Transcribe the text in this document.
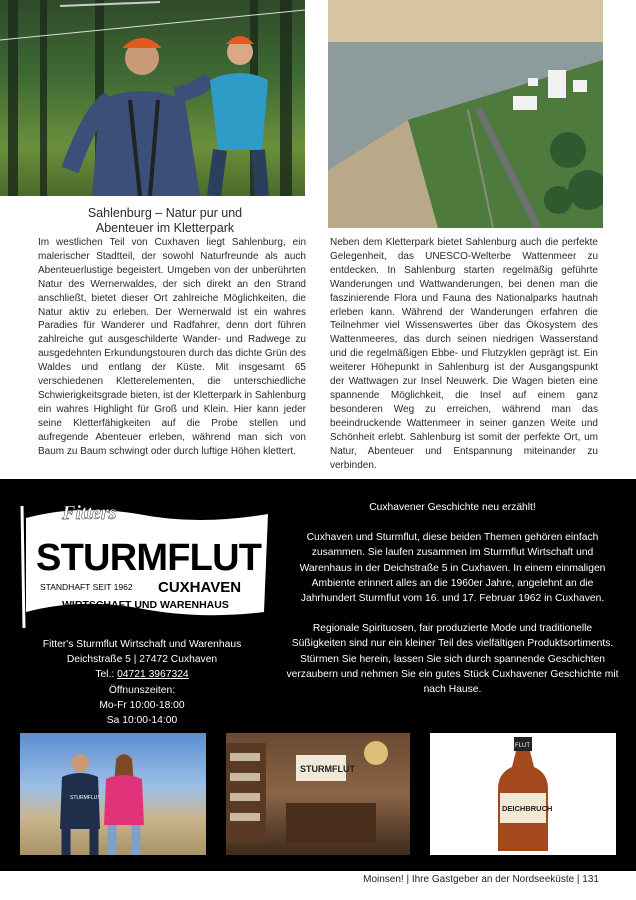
Sahlenburg – Natur pur und
Abenteuer im Kletterpark
Im westlichen Teil von Cuxhaven liegt Sahlenburg, ein malerischer Stadtteil, der sowohl Naturfreunde als auch Abenteuerlustige begeistert. Umgeben von der unberührten Natur des Wernerwaldes, der sich direkt an den Strand anschließt, bietet dieser Ort zahlreiche Möglichkeiten, die Natur aktiv zu erleben. Der Wernerwald ist ein wahres Paradies für Wanderer und Radfahrer, denn dort führen zahlreiche gut ausgeschilderte Wander- und Radwege zu ausgedehnten Erkundungstouren durch das dichte Grün des Waldes und entlang der Küste. Mit insgesamt 65 verschiedenen Kletterelementen, die unterschiedliche Schwierigkeitsgrade bieten, ist der Kletterpark in Sahlenburg ein wahres Highlight für Groß und Klein. Hier kann jeder seine Kletterfähigkeiten auf die Probe stellen und aufregende Abenteuer erleben, während man sich von Baum zu Baum schwingt oder durch luftige Höhen klettert.
Neben dem Kletterpark bietet Sahlenburg auch die perfekte Gelegenheit, das UNESCO-Welterbe Wattenmeer zu entdecken. In Sahlenburg starten regelmäßig geführte Wanderungen und Wattwanderungen, bei denen man die faszinierende Flora und Fauna des Nationalparks hautnah erleben kann. Während der Wanderungen erfahren die Teilnehmer viel Wissenswertes über das Ökosystem des Wattenmeeres, das durch seinen niedrigen Wasserstand und die regelmäßigen Ebbe- und Flutzyklen geprägt ist. Ein weiterer Höhepunkt in Sahlenburg ist der Ausgangspunkt der Wattwagen zur Insel Neuwerk. Die Wagen bieten eine spannende Möglichkeit, die Insel auf einem ganz besonderen Weg zu erreichen, während man das beeindruckende Wattenmeer in seiner ganzen Weite und Schönheit erlebt. Sahlenburg ist somit der perfekte Ort, um Natur, Abenteuer und Entspannung miteinander zu verbinden.
Fitters
STURMFLUT
STANDHAFT SEIT 1962 CUXHAVEN
WIRTSCHAFT UND WARENHAUS
Fitter's Sturmflut Wirtschaft und Warenhaus
Deichstraße 5 | 27472 Cuxhaven
Tel.: 04721 3967324
Öffnunszeiten:
Mo-Fr 10:00-18:00
Sa 10:00-14:00
Cuxhavener Geschichte neu erzählt!

Cuxhaven und Sturmflut, diese beiden Themen gehören einfach zusammen. Sie laufen zusammen im Sturmflut Wirtschaft und Warenhaus in der Deichstraße 5 in Cuxhaven. In einem einmaligen Ambiente erinnert alles an die 1960er Jahre, angelehnt an die Jahrhundert Sturmflut vom 16. und 17. Februar 1962 in Cuxhaven.

Regionale Spirituosen, fair produzierte Mode und traditionelle Süßigkeiten sind nur ein kleiner Teil des vielfältigen Produktsortiments. Stürmen Sie herein, lassen Sie sich durch spannende Geschichten verzaubern und nehmen Sie ein gutes Stück Cuxhavener Geschichte mit nach Hause.

STURMFLUT
STURMFLUT
FLUT
DEICHBRUCH
Moinsen! | Ihre Gastgeber an der Nordseeküste | 131
